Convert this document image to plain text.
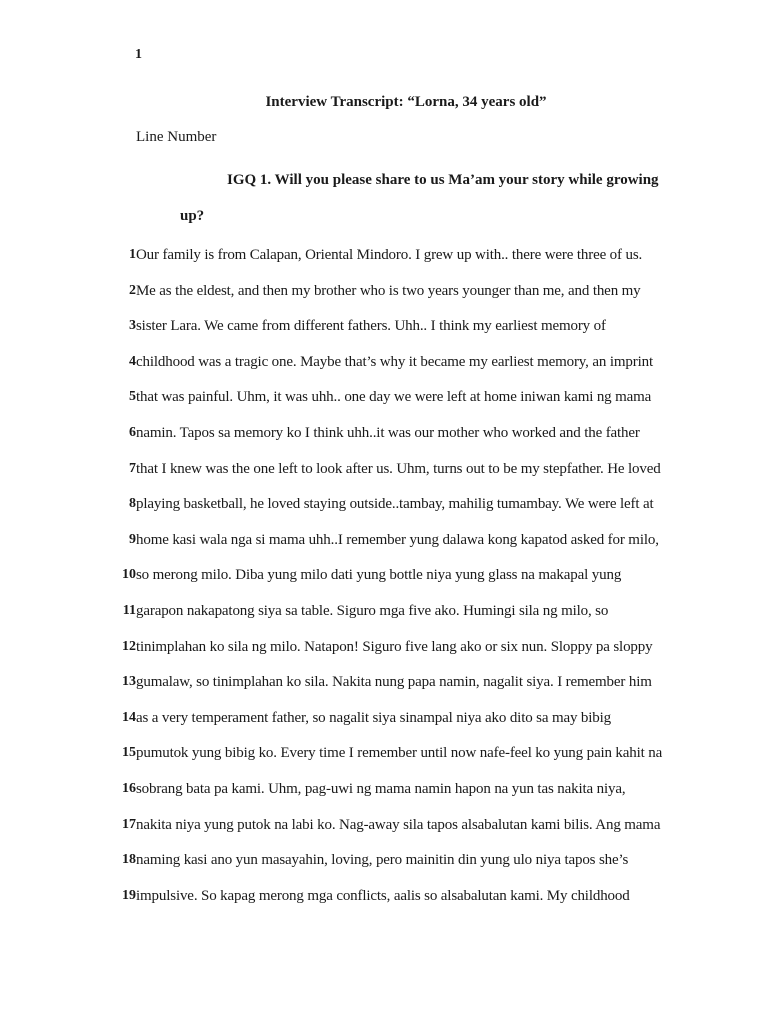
1
Interview Transcript: “Lorna, 34 years old”
Line Number
IGQ 1. Will you please share to us Ma’am your story while growing up?
1 Our family is from Calapan, Oriental Mindoro. I grew up with.. there were three of us.
2 Me as the eldest, and then my brother who is two years younger than me, and then my
3 sister Lara. We came from different fathers. Uhh.. I think my earliest memory of
4 childhood was a tragic one. Maybe that’s why it became my earliest memory, an imprint
5 that was painful. Uhm, it was uhh.. one day we were left at home iniwan kami ng mama
6 namin. Tapos sa memory ko I think uhh..it was our mother who worked and the father
7 that I knew was the one left to look after us. Uhm, turns out to be my stepfather. He loved
8 playing basketball, he loved staying outside..tambay, mahilig tumambay. We were left at
9 home kasi wala nga si mama uhh..I remember yung dalawa kong kapatod asked for milo,
10 so merong milo. Diba yung milo dati yung bottle niya yung glass na makapal yung
11 garapon nakapatong siya sa table. Siguro mga five ako. Humingi sila ng milo, so
12 tinimplahan ko sila ng milo. Natapon! Siguro five lang ako or six nun. Sloppy pa sloppy
13 gumalaw, so tinimplahan ko sila. Nakita nung papa namin, nagalit siya. I remember him
14 as a very temperament father, so nagalit siya sinampal niya ako dito sa may bibig
15 pumutok yung bibig ko. Every time I remember until now nafe-feel ko yung pain kahit na
16 sobrang bata pa kami. Uhm, pag-uwi ng mama namin hapon na yun tas nakita niya,
17 nakita niya yung putok na labi ko. Nag-away sila tapos alsabalutan kami bilis. Ang mama
18 naming kasi ano yun masayahin, loving, pero mainitin din yung ulo niya tapos she’s
19 impulsive. So kapag merong mga conflicts, aalis so alsabalutan kami. My childhood
